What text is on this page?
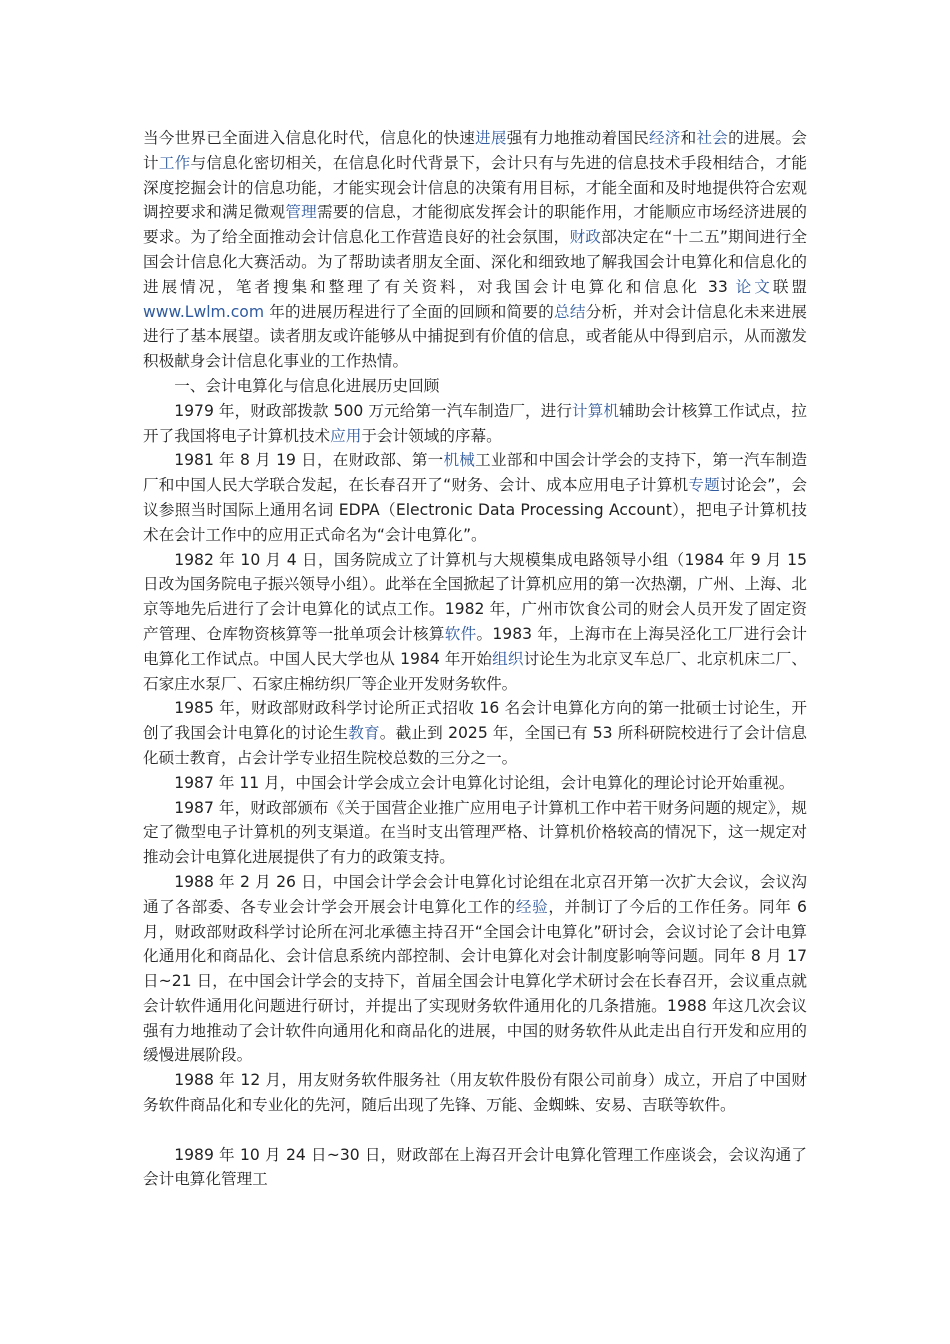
当今世界已全面进入信息化时代，信息化的快速进展强有力地推动着国民经济和社会的进展。会计工作与信息化密切相关，在信息化时代背景下，会计只有与先进的信息技术手段相结合，才能深度挖掘会计的信息功能，才能实现会计信息的决策有用目标，才能全面和及时地提供符合宏观调控要求和满足微观管理需要的信息，才能彻底发挥会计的职能作用，才能顺应市场经济进展的要求。为了给全面推动会计信息化工作营造良好的社会氛围，财政部决定在“十二五”期间进行全国会计信息化大赛活动。为了帮助读者朋友全面、深化和细致地了解我国会计电算化和信息化的进展情况，笔者搜集和整理了有关资料，对我国会计电算化和信息化 33 论文联盟 www.Lwlm.com 年的进展历程进行了全面的回顾和简要的总结分析，并对会计信息化未来进展进行了基本展望。读者朋友或许能够从中捕捉到有价值的信息，或者能从中得到启示，从而激发积极献身会计信息化事业的工作热情。

一、会计电算化与信息化进展历史回顾

1979 年，财政部拨款 500 万元给第一汽车制造厂，进行计算机辅助会计核算工作试点，拉开了我国将电子计算机技术应用于会计领域的序幕。

1981 年 8 月 19 日，在财政部、第一机械工业部和中国会计学会的支持下，第一汽车制造厂和中国人民大学联合发起，在长春召开了“财务、会计、成本应用电子计算机专题讨论会”，会议参照当时国际上通用名词 EDPA（Electronic Data Processing Account），把电子计算机技术在会计工作中的应用正式命名为“会计电算化”。

1982 年 10 月 4 日，国务院成立了计算机与大规模集成电路领导小组（1984 年 9 月 15 日改为国务院电子振兴领导小组）。此举在全国掀起了计算机应用的第一次热潮，广州、上海、北京等地先后进行了会计电算化的试点工作。1982 年，广州市饮食公司的财会人员开发了固定资产管理、仓库物资核算等一批单项会计核算软件。1983 年，上海市在上海吴泾化工厂进行会计电算化工作试点。中国人民大学也从 1984 年开始组织讨论生为北京叉车总厂、北京机床二厂、石家庄水泵厂、石家庄棉纺织厂等企业开发财务软件。

1985 年，财政部财政科学讨论所正式招收 16 名会计电算化方向的第一批硕士讨论生，开创了我国会计电算化的讨论生教育。截止到 2025 年，全国已有 53 所科研院校进行了会计信息化硕士教育，占会计学专业招生院校总数的三分之一。

1987 年 11 月，中国会计学会成立会计电算化讨论组，会计电算化的理论讨论开始重视。

1987 年，财政部颁布《关于国营企业推广应用电子计算机工作中若干财务问题的规定》，规定了微型电子计算机的列支渠道。在当时支出管理严格、计算机价格较高的情况下，这一规定对推动会计电算化进展提供了有力的政策支持。

1988 年 2 月 26 日，中国会计学会会计电算化讨论组在北京召开第一次扩大会议，会议沟通了各部委、各专业会计学会开展会计电算化工作的经验，并制订了今后的工作任务。同年 6 月，财政部财政科学讨论所在河北承德主持召开“全国会计电算化”研讨会，会议讨论了会计电算化通用化和商品化、会计信息系统内部控制、会计电算化对会计制度影响等问题。同年 8 月 17 日~21 日，在中国会计学会的支持下，首届全国会计电算化学术研讨会在长春召开，会议重点就会计软件通用化问题进行研讨，并提出了实现财务软件通用化的几条措施。1988 年这几次会议强有力地推动了会计软件向通用化和商品化的进展，中国的财务软件从此走出自行开发和应用的缓慢进展阶段。

1988 年 12 月，用友财务软件服务社（用友软件股份有限公司前身）成立，开启了中国财务软件商品化和专业化的先河，随后出现了先锋、万能、金蜘蛛、安易、吉联等软件。

1989 年 10 月 24 日~30 日，财政部在上海召开会计电算化管理工作座谈会，会议沟通了会计电算化管理工
